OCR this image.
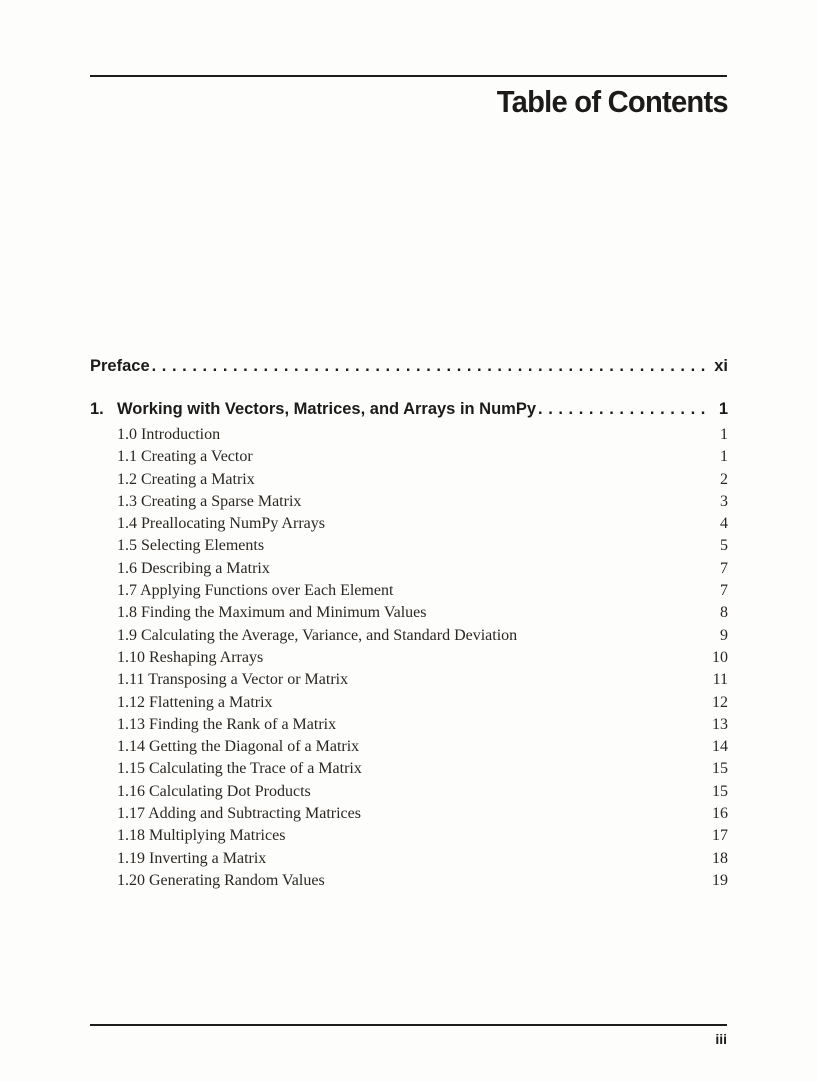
Table of Contents
Preface . . .	xi
1. Working with Vectors, Matrices, and Arrays in NumPy . . .	1
1.0 Introduction	1
1.1 Creating a Vector	1
1.2 Creating a Matrix	2
1.3 Creating a Sparse Matrix	3
1.4 Preallocating NumPy Arrays	4
1.5 Selecting Elements	5
1.6 Describing a Matrix	7
1.7 Applying Functions over Each Element	7
1.8 Finding the Maximum and Minimum Values	8
1.9 Calculating the Average, Variance, and Standard Deviation	9
1.10 Reshaping Arrays	10
1.11 Transposing a Vector or Matrix	11
1.12 Flattening a Matrix	12
1.13 Finding the Rank of a Matrix	13
1.14 Getting the Diagonal of a Matrix	14
1.15 Calculating the Trace of a Matrix	15
1.16 Calculating Dot Products	15
1.17 Adding and Subtracting Matrices	16
1.18 Multiplying Matrices	17
1.19 Inverting a Matrix	18
1.20 Generating Random Values	19
iii
